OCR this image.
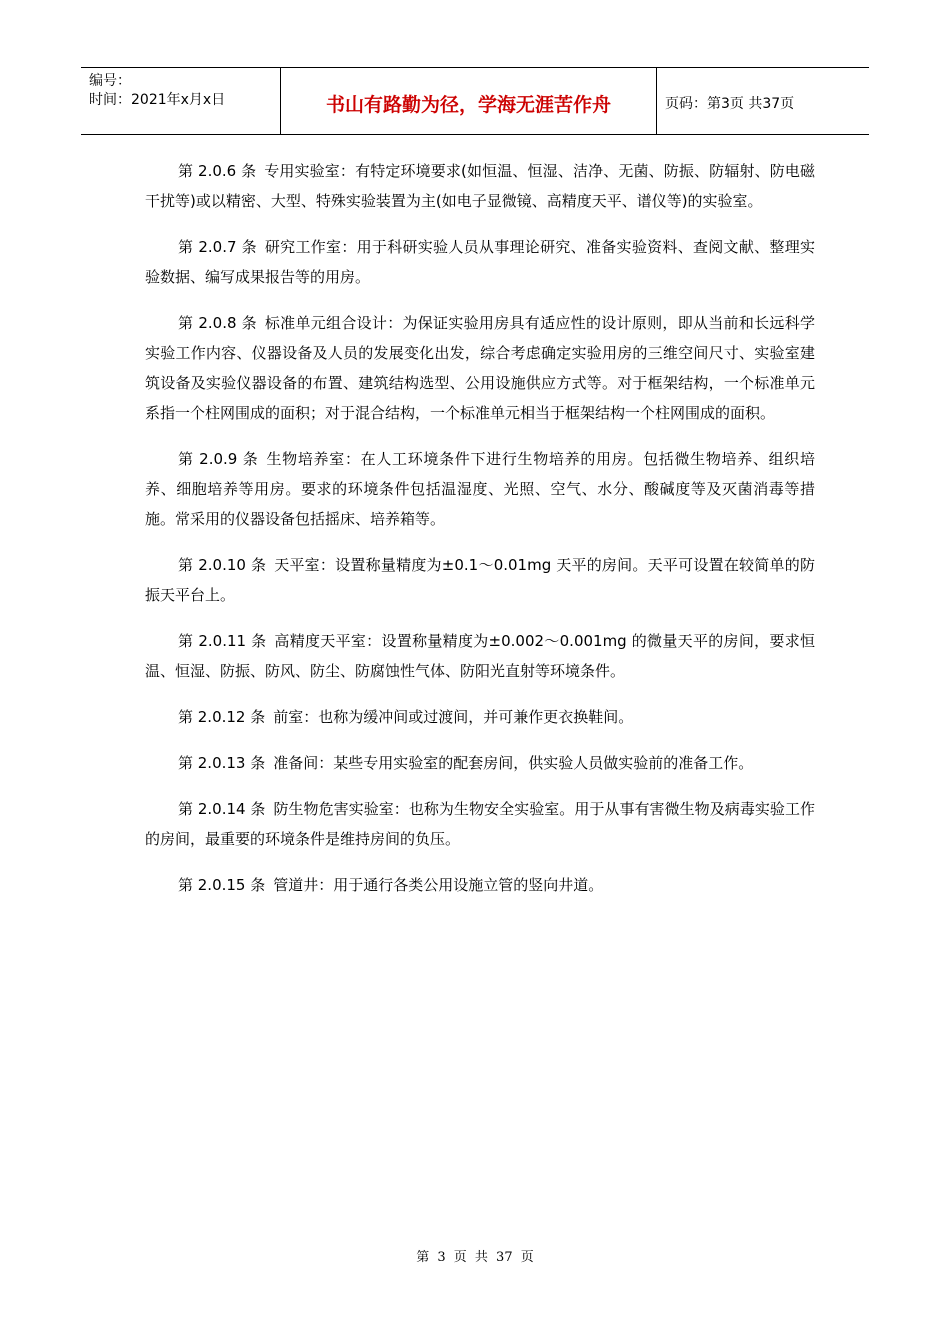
编号：
时间：2021年x月x日	书山有路勤为径，学海无涯苦作舟	页码：第3页 共37页

第 2.0.6 条 专用实验室：有特定环境要求(如恒温、恒湿、洁净、无菌、防振、防辐射、防电磁干扰等)或以精密、大型、特殊实验装置为主(如电子显微镜、高精度天平、谱仪等)的实验室。

第 2.0.7 条 研究工作室：用于科研实验人员从事理论研究、准备实验资料、查阅文献、整理实验数据、编写成果报告等的用房。

第 2.0.8 条 标准单元组合设计：为保证实验用房具有适应性的设计原则，即从当前和长远科学实验工作内容、仪器设备及人员的发展变化出发，综合考虑确定实验用房的三维空间尺寸、实验室建筑设备及实验仪器设备的布置、建筑结构选型、公用设施供应方式等。对于框架结构，一个标准单元系指一个柱网围成的面积；对于混合结构，一个标准单元相当于框架结构一个柱网围成的面积。

第 2.0.9 条 生物培养室：在人工环境条件下进行生物培养的用房。包括微生物培养、组织培养、细胞培养等用房。要求的环境条件包括温湿度、光照、空气、水分、酸碱度等及灭菌消毒等措施。常采用的仪器设备包括摇床、培养箱等。

第 2.0.10 条 天平室：设置称量精度为±0.1～0.01mg 天平的房间。天平可设置在较简单的防振天平台上。

第 2.0.11 条 高精度天平室：设置称量精度为±0.002～0.001mg 的微量天平的房间，要求恒温、恒湿、防振、防风、防尘、防腐蚀性气体、防阳光直射等环境条件。

第 2.0.12 条 前室：也称为缓冲间或过渡间，并可兼作更衣换鞋间。

第 2.0.13 条 准备间：某些专用实验室的配套房间，供实验人员做实验前的准备工作。

第 2.0.14 条 防生物危害实验室：也称为生物安全实验室。用于从事有害微生物及病毒实验工作的房间，最重要的环境条件是维持房间的负压。

第 2.0.15 条 管道井：用于通行各类公用设施立管的竖向井道。

第 3 页 共 37 页
